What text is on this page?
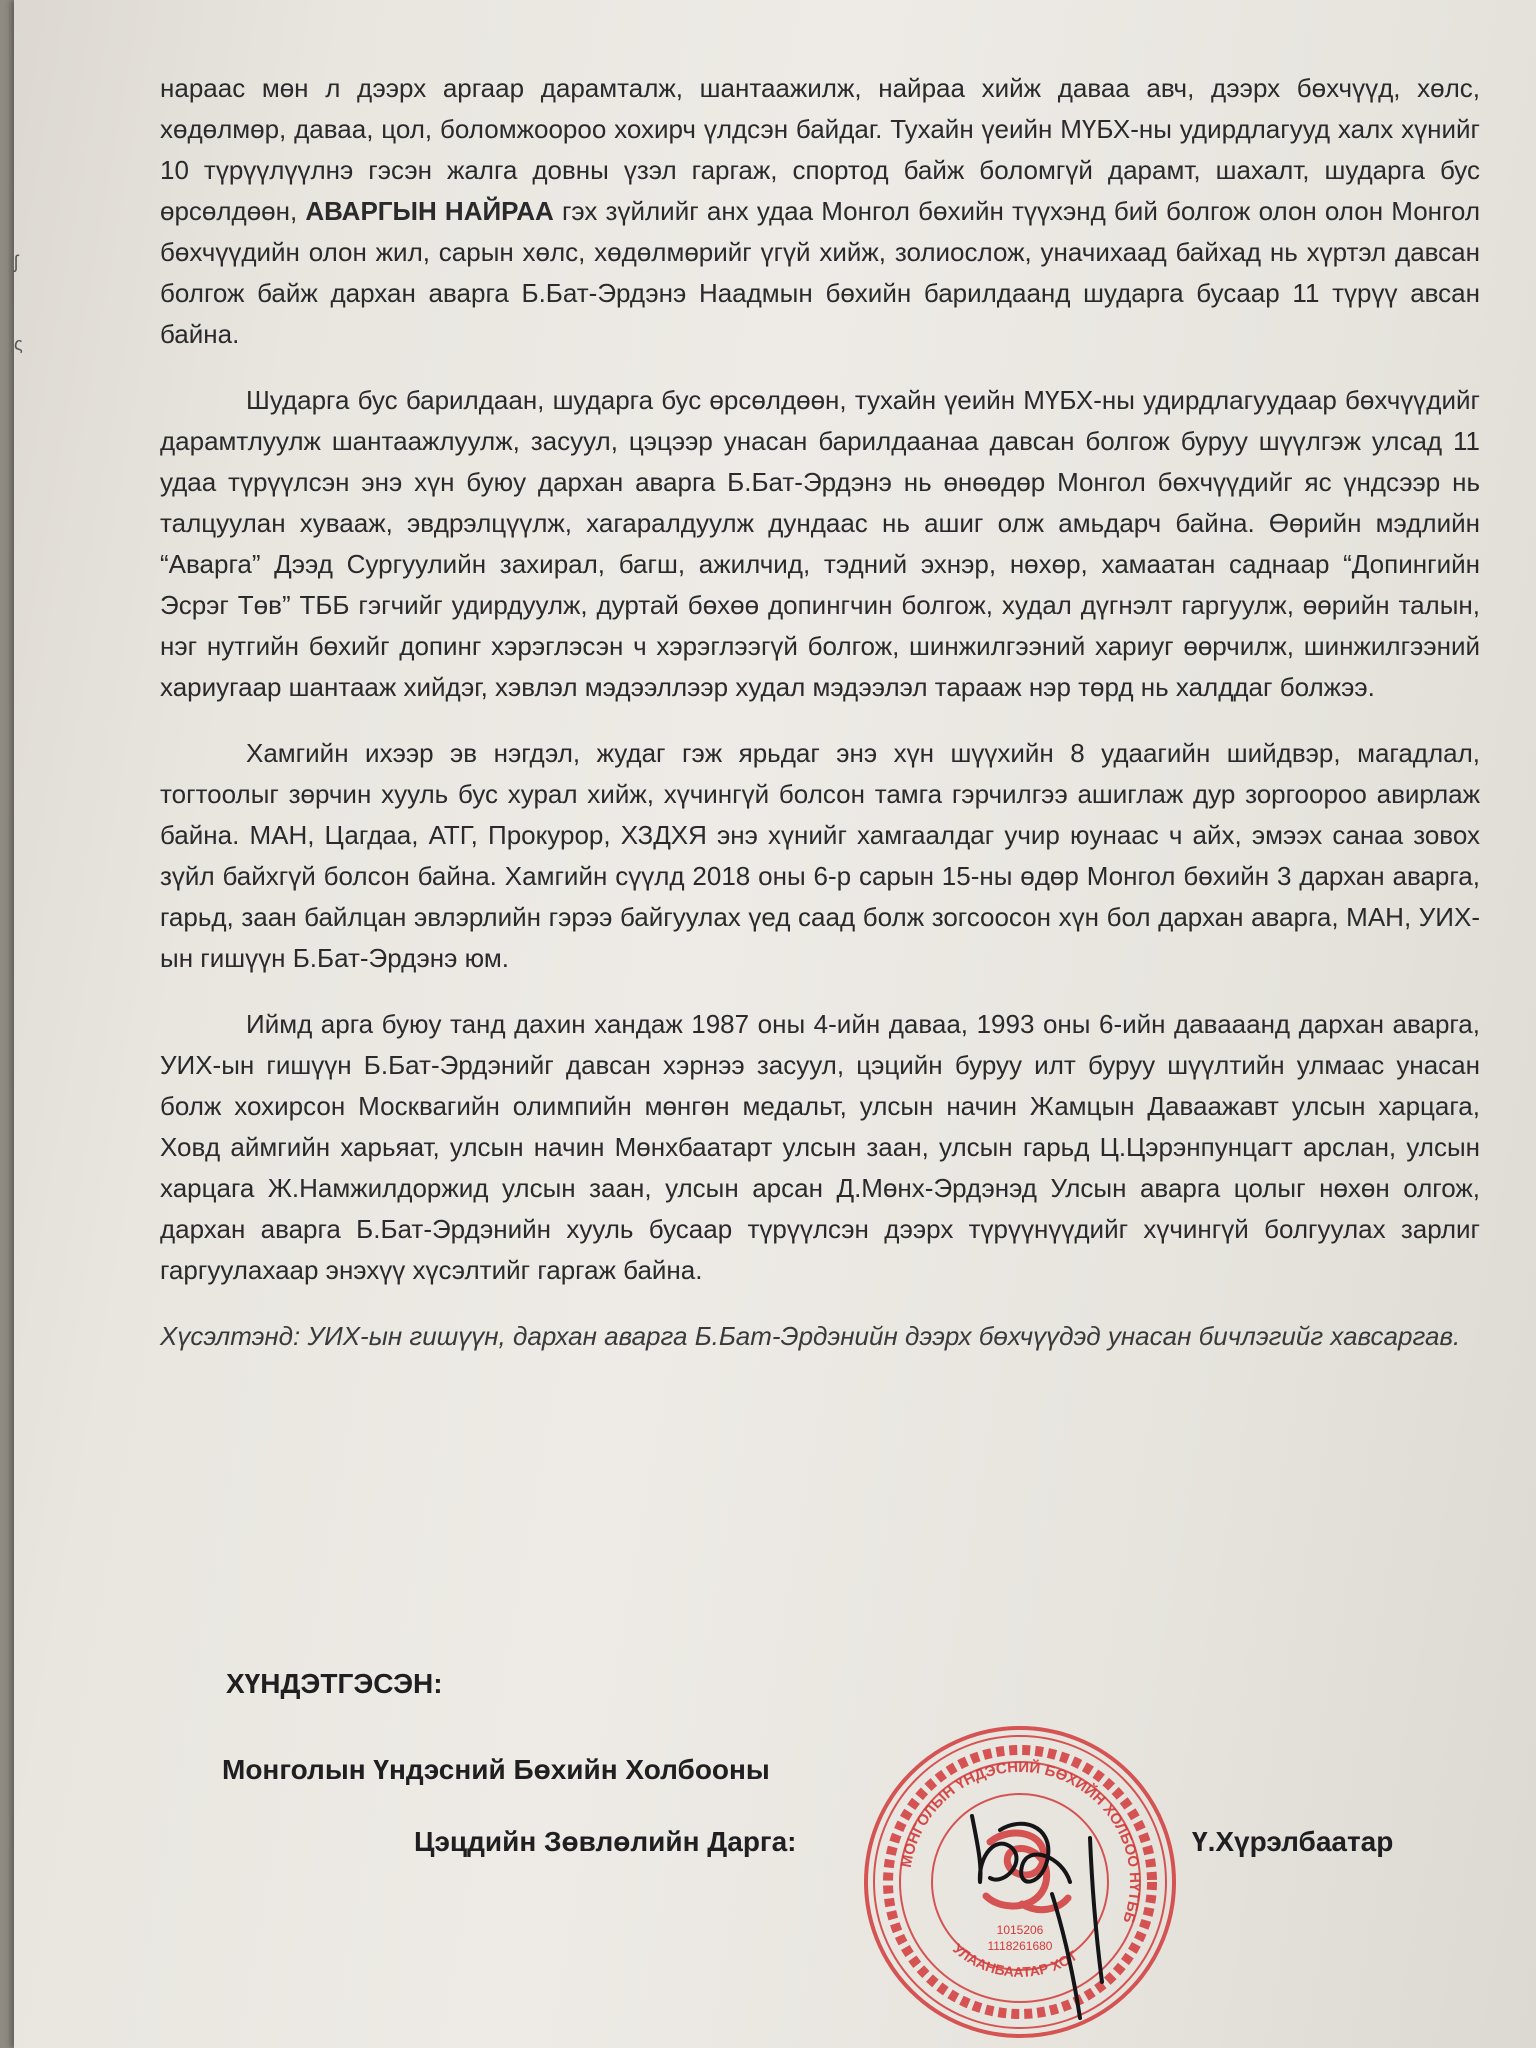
ʃ
ς

нараас мөн л дээрх аргаар дарамталж, шантаажилж, найраа хийж даваа авч, дээрх бөхчүүд, хөлс, хөдөлмөр, даваа, цол, боломжоороо хохирч үлдсэн байдаг. Тухайн үеийн МҮБХ-ны удирдлагууд халх хүнийг 10 түрүүлүүлнэ гэсэн жалга довны үзэл гаргаж, спортод байж боломгүй дарамт, шахалт, шударга бус өрсөлдөөн, АВАРГЫН НАЙРАА гэх зүйлийг анх удаа Монгол бөхийн түүхэнд бий болгож олон олон Монгол бөхчүүдийн олон жил, сарын хөлс, хөдөлмөрийг үгүй хийж, золиослож, уначихаад байхад нь хүртэл давсан болгож байж дархан аварга Б.Бат-Эрдэнэ Наадмын бөхийн барилдаанд шударга бусаар 11 түрүү авсан байна.

Шударга бус барилдаан, шударга бус өрсөлдөөн, тухайн үеийн МҮБХ-ны удирдлагуудаар бөхчүүдийг дарамтлуулж шантаажлуулж, засуул, цэцээр унасан барилдаанаа давсан болгож буруу шүүлгэж улсад 11 удаа түрүүлсэн энэ хүн буюу дархан аварга Б.Бат-Эрдэнэ нь өнөөдөр Монгол бөхчүүдийг яс үндсээр нь талцуулан хувааж, эвдрэлцүүлж, хагаралдуулж дундаас нь ашиг олж амьдарч байна. Өөрийн мэдлийн “Аварга” Дээд Сургуулийн захирал, багш, ажилчид, тэдний эхнэр, нөхөр, хамаатан саднаар “Допингийн Эсрэг Төв” ТББ гэгчийг удирдуулж, дуртай бөхөө допингчин болгож, худал дүгнэлт гаргуулж, өөрийн талын, нэг нутгийн бөхийг допинг хэрэглэсэн ч хэрэглээгүй болгож, шинжилгээний хариуг өөрчилж, шинжилгээний хариугаар шантааж хийдэг, хэвлэл мэдээллээр худал мэдээлэл тарааж нэр төрд нь халддаг болжээ.

Хамгийн ихээр эв нэгдэл, жудаг гэж ярьдаг энэ хүн шүүхийн 8 удаагийн шийдвэр, магадлал, тогтоолыг зөрчин хууль бус хурал хийж, хүчингүй болсон тамга гэрчилгээ ашиглаж дур зоргоороо авирлаж байна. МАН, Цагдаа, АТГ, Прокурор, ХЗДХЯ энэ хүнийг хамгаалдаг учир юунаас ч айх, эмээх санаа зовох зүйл байхгүй болсон байна. Хамгийн сүүлд 2018 оны 6-р сарын 15-ны өдөр Монгол бөхийн 3 дархан аварга, гарьд, заан байлцан эвлэрлийн гэрээ байгуулах үед саад болж зогсоосон хүн бол дархан аварга, МАН, УИХ-ын гишүүн Б.Бат-Эрдэнэ юм.

Иймд арга буюу танд дахин хандаж 1987 оны 4-ийн даваа, 1993 оны 6-ийн давааанд дархан аварга, УИХ-ын гишүүн Б.Бат-Эрдэнийг давсан хэрнээ засуул, цэцийн буруу илт буруу шүүлтийн улмаас унасан болж хохирсон Москвагийн олимпийн мөнгөн медальт, улсын начин Жамцын Даваажавт улсын харцага, Ховд аймгийн харьяат, улсын начин Мөнхбаатарт улсын заан, улсын гарьд Ц.Цэрэнпунцагт арслан, улсын харцага Ж.Намжилдоржид улсын заан, улсын арсан Д.Мөнх-Эрдэнэд Улсын аварга цолыг нөхөн олгож, дархан аварга Б.Бат-Эрдэнийн хууль бусаар түрүүлсэн дээрх түрүүнүүдийг хүчингүй болгуулах зарлиг гаргуулахаар энэхүү хүсэлтийг гаргаж байна.

Хүсэлтэнд: УИХ-ын гишүүн, дархан аварга Б.Бат-Эрдэнийн дээрх бөхчүүдэд унасан бичлэгийг хавсаргав.

ХҮНДЭТГЭСЭН:
Монголын Үндэсний Бөхийн Холбооны
Цэцдийн Зөвлөлийн Дарга:	Ү.Хүрэлбаатар
МОНГОЛЫН ҮНДЭСНИЙ БӨХИЙН ХОЛБОО НҮТББ
УЛААНБААТАР ХОТ
1015206
1118261680
